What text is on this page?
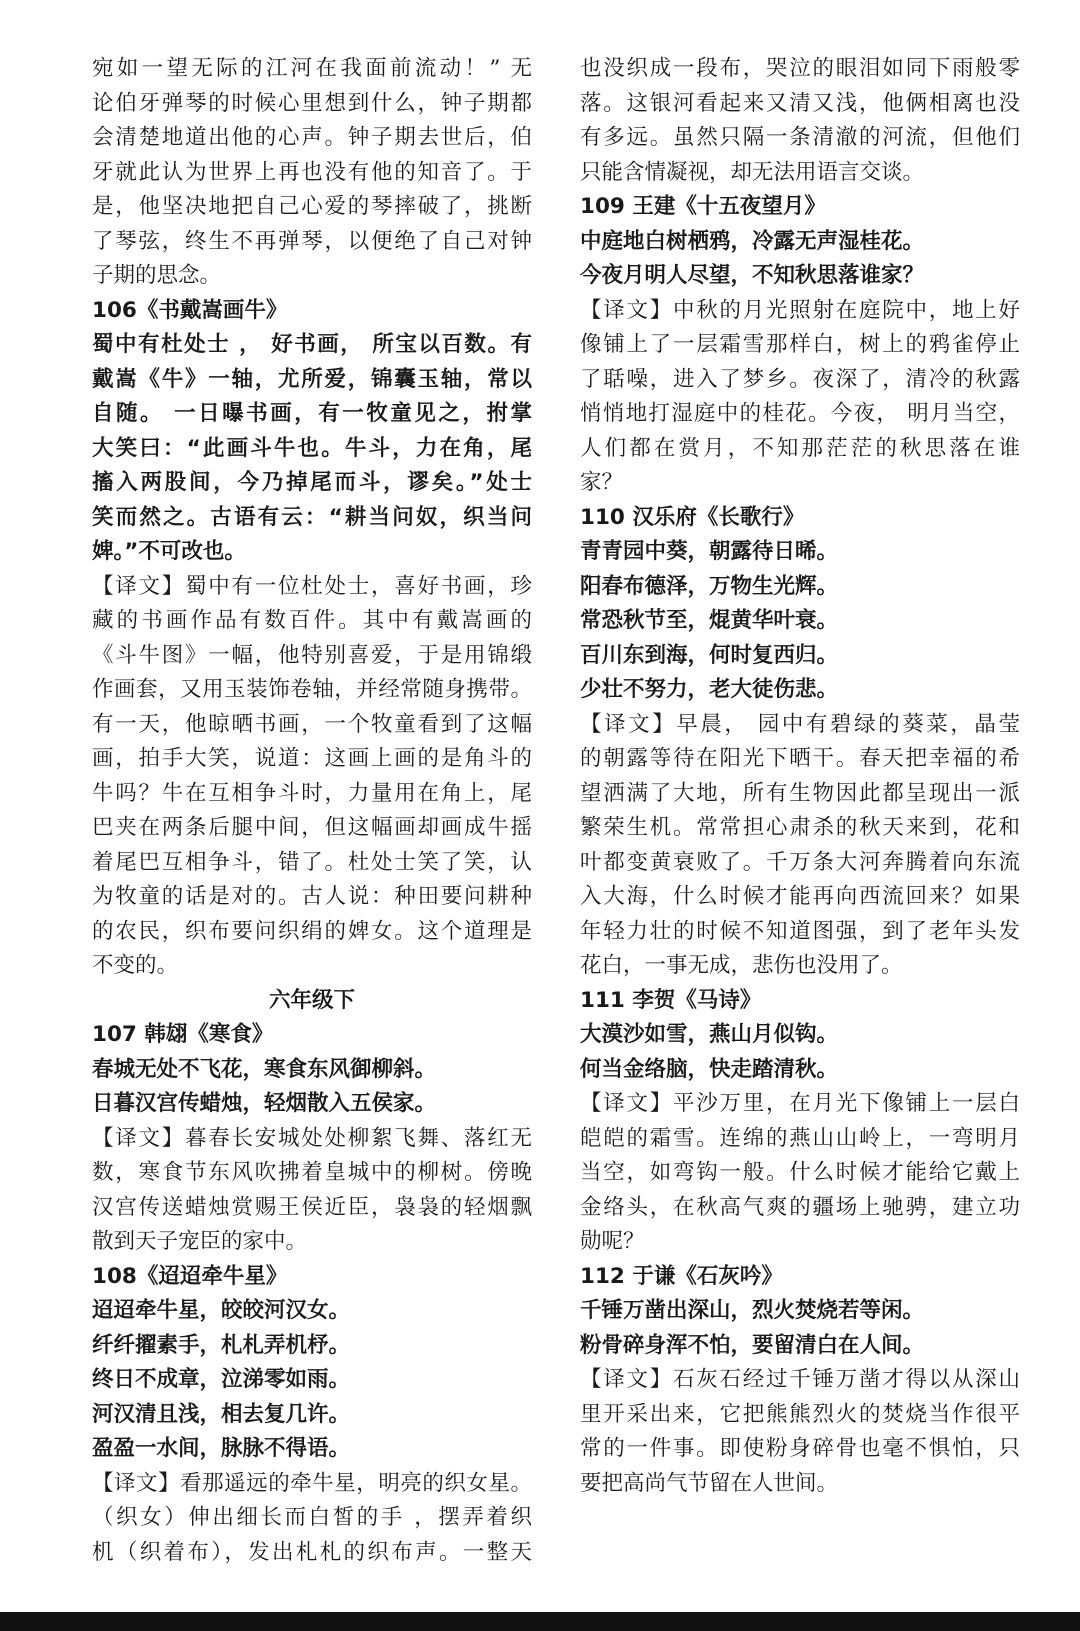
宛如一望无际的江河在我面前流动！” 无
论伯牙弹琴的时候心里想到什么，钟子期都
会清楚地道出他的心声。钟子期去世后，伯
牙就此认为世界上再也没有他的知音了。于
是，他坚决地把自己心爱的琴摔破了，挑断
了琴弦，终生不再弹琴，以便绝了自己对钟
子期的思念。
106《书戴嵩画牛》
蜀中有杜处士 ， 好书画， 所宝以百数。有
戴嵩《牛》一轴，尤所爱，锦囊玉轴，常以
自随。 一日曝书画，有一牧童见之，拊掌
大笑曰：“此画斗牛也。牛斗，力在角，尾
搐入两股间，今乃掉尾而斗，谬矣。”处士
笑而然之。古语有云：“耕当问奴，织当问
婢。”不可改也。
【译文】蜀中有一位杜处士，喜好书画，珍
藏的书画作品有数百件。其中有戴嵩画的
《斗牛图》一幅，他特别喜爱，于是用锦缎
作画套，又用玉装饰卷轴，并经常随身携带。
有一天，他晾晒书画，一个牧童看到了这幅
画，拍手大笑，说道：这画上画的是角斗的
牛吗？牛在互相争斗时，力量用在角上，尾
巴夹在两条后腿中间，但这幅画却画成牛摇
着尾巴互相争斗，错了。杜处士笑了笑，认
为牧童的话是对的。古人说：种田要问耕种
的农民，织布要问织绢的婢女。这个道理是
不变的。
六年级下
107 韩翃《寒食》
春城无处不飞花，寒食东风御柳斜。
日暮汉宫传蜡烛，轻烟散入五侯家。
【译文】暮春长安城处处柳絮飞舞、落红无
数，寒食节东风吹拂着皇城中的柳树。傍晚
汉宫传送蜡烛赏赐王侯近臣，袅袅的轻烟飘
散到天子宠臣的家中。
108《迢迢牵牛星》
迢迢牵牛星，皎皎河汉女。
纤纤擢素手，札札弄机杼。
终日不成章，泣涕零如雨。
河汉清且浅，相去复几许。
盈盈一水间，脉脉不得语。
【译文】看那遥远的牵牛星，明亮的织女星。
（织女）伸出细长而白皙的手 ，摆弄着织
机（织着布），发出札札的织布声。一整天
也没织成一段布，哭泣的眼泪如同下雨般零
落。这银河看起来又清又浅，他俩相离也没
有多远。虽然只隔一条清澈的河流，但他们
只能含情凝视，却无法用语言交谈。
109 王建《十五夜望月》
中庭地白树栖鸦，冷露无声湿桂花。
今夜月明人尽望，不知秋思落谁家？
【译文】中秋的月光照射在庭院中，地上好
像铺上了一层霜雪那样白，树上的鸦雀停止
了聒噪，进入了梦乡。夜深了，清冷的秋露
悄悄地打湿庭中的桂花。今夜， 明月当空，
人们都在赏月，不知那茫茫的秋思落在谁
家？
110 汉乐府《长歌行》
青青园中葵，朝露待日晞。
阳春布德泽，万物生光辉。
常恐秋节至，焜黄华叶衰。
百川东到海，何时复西归。
少壮不努力，老大徒伤悲。
【译文】早晨， 园中有碧绿的葵菜，晶莹
的朝露等待在阳光下晒干。春天把幸福的希
望洒满了大地，所有生物因此都呈现出一派
繁荣生机。常常担心肃杀的秋天来到，花和
叶都变黄衰败了。千万条大河奔腾着向东流
入大海，什么时候才能再向西流回来？如果
年轻力壮的时候不知道图强，到了老年头发
花白，一事无成，悲伤也没用了。
111 李贺《马诗》
大漠沙如雪，燕山月似钩。
何当金络脑，快走踏清秋。
【译文】平沙万里，在月光下像铺上一层白
皑皑的霜雪。连绵的燕山山岭上，一弯明月
当空，如弯钩一般。什么时候才能给它戴上
金络头，在秋高气爽的疆场上驰骋，建立功
勋呢？
112 于谦《石灰吟》
千锤万凿出深山，烈火焚烧若等闲。
粉骨碎身浑不怕，要留清白在人间。
【译文】石灰石经过千锤万凿才得以从深山
里开采出来，它把熊熊烈火的焚烧当作很平
常的一件事。即使粉身碎骨也毫不惧怕，只
要把高尚气节留在人世间。
